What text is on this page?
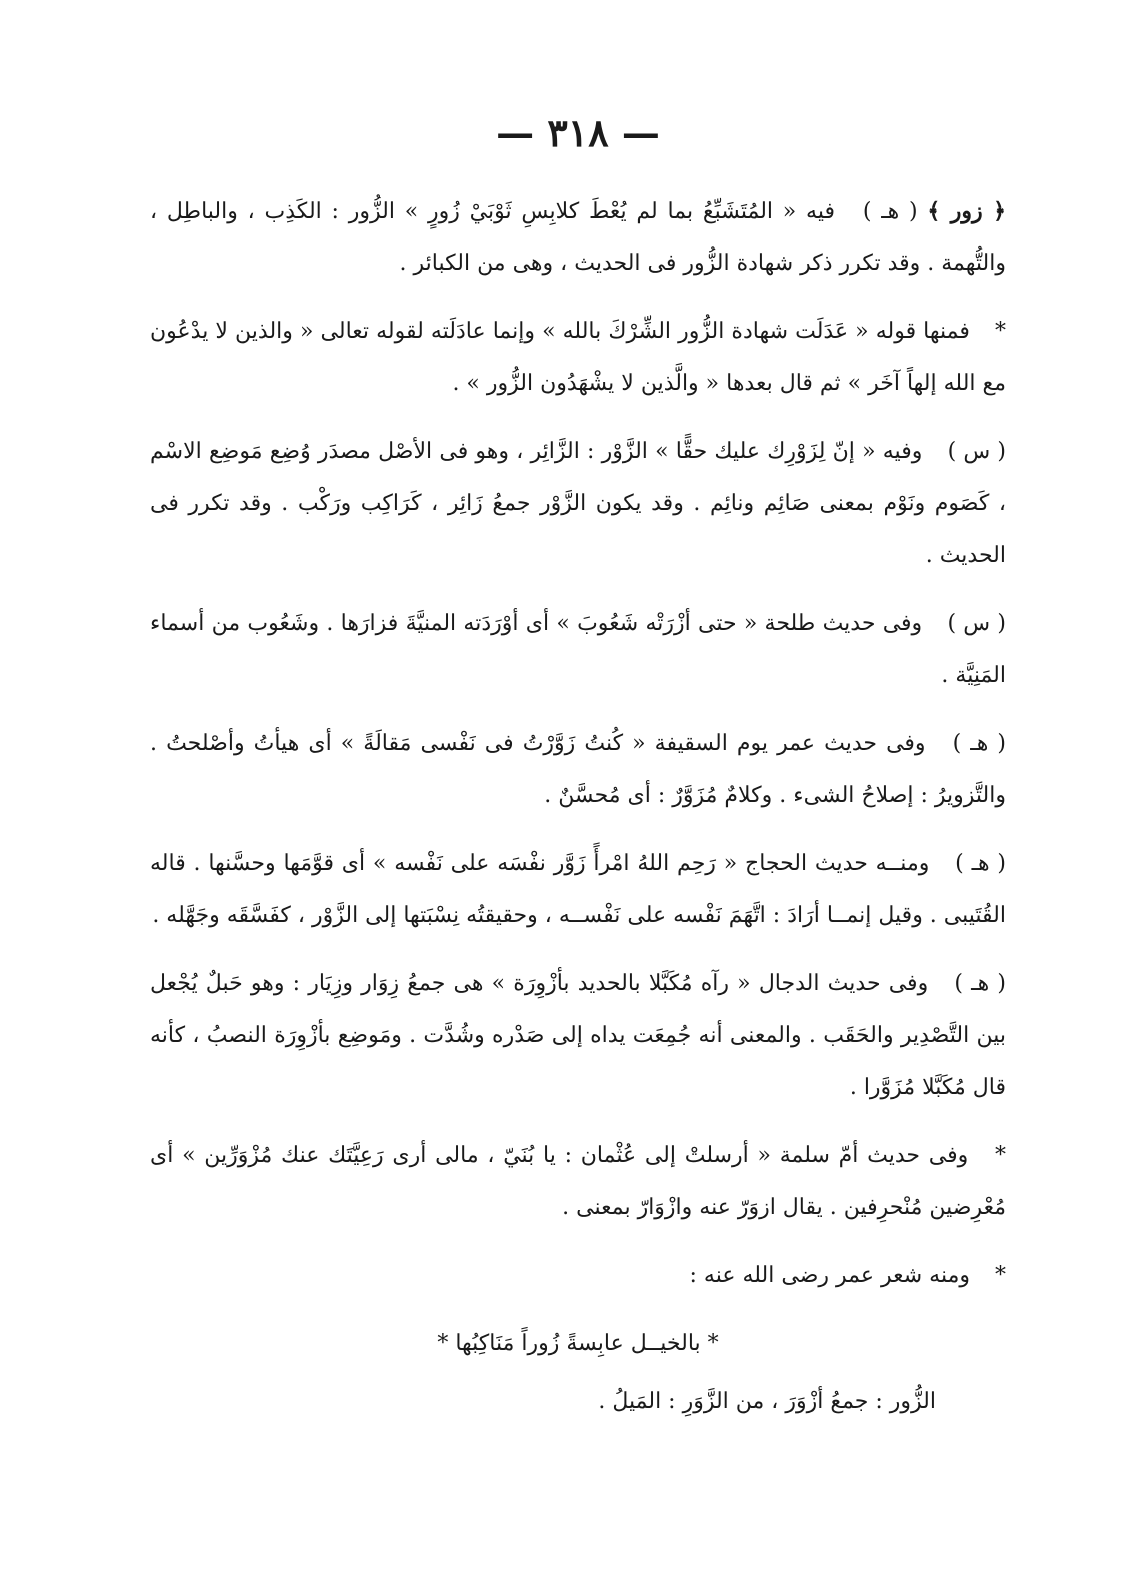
— ٣١٨ —

﴿ زور ﴾ ( هـ ) فيه « المُتَشَبِّعُ بما لم يُعْطَ كلابِسِ ثَوْبَيْ زُورٍ » الزُّور : الكَذِب ، والباطِل ، والتُّهمة . وقد تكرر ذكر شهادة الزُّور فى الحديث ، وهى من الكبائر .

* فمنها قوله « عَدَلَت شهادة الزُّور الشِّرْكَ بالله » وإنما عادَلَته لقوله تعالى « والذين لا يدْعُون مع الله إلهاً آخَر » ثم قال بعدها « والَّذين لا يشْهَدُون الزُّور » .

( س ) وفيه « إنّ لِزَوْرِك عليك حقًّا » الزَّوْر : الزَّائِر ، وهو فى الأصْل مصدَر وُضِع مَوضِع الاسْم ، كَصَوم ونَوْم بمعنى صَائِم ونائِم . وقد يكون الزَّوْر جمعُ زَائِر ، كَرَاكِب ورَكْب . وقد تكرر فى الحديث .

( س ) وفى حديث طلحة « حتى أزْرَتْه شَعُوبَ » أى أوْرَدَته المنيَّةَ فزارَها . وشَعُوب من أسماء المَنِيَّة .

( هـ ) وفى حديث عمر يوم السقيفة « كُنتُ زَوَّرْتُ فى نَفْسى مَقالَةً » أى هيأتُ وأصْلحتُ . والتَّزويرُ : إصلاحُ الشىء . وكلامٌ مُزَوَّرٌ : أى مُحسَّنٌ .

( هـ ) ومنــه حديث الحجاج « رَحِم اللهُ امْرأً زَوَّر نفْسَه على نَفْسه » أى قوَّمَها وحسَّنها . قاله القُتَيبى . وقيل إنمــا أرَادَ : اتَّهَمَ نَفْسه على نَفْســه ، وحقيقتُه نِسْبَتها إلى الزَّوْر ، كفَسَّقَه وجَهَّله .

( هـ ) وفى حديث الدجال « رآه مُكَبَّلا بالحديد بأزْوِرَة » هى جمعُ زِوَار وزِيَار : وهو حَبلٌ يُجْعل بين التَّصْدِير والحَقَب . والمعنى أنه جُمِعَت يداه إلى صَدْره وشُدَّت . ومَوضِع بأزْوِرَة النصبُ ، كأنه قال مُكَبَّلا مُزَوَّرا .

* وفى حديث أمّ سلمة « أرسلتْ إلى عُثْمان : يا بُنَيّ ، مالى أرى رَعِيَّتَك عنك مُزْوَرِّين » أى مُعْرِضين مُنْحرِفين . يقال ازوَرّ عنه وازْوَارّ بمعنى .

* ومنه شعر عمر رضى الله عنه :

* بالخيــل عابِسةً زُوراً مَنَاكِبُها *
الزُّور : جمعُ أزْوَرَ ، من الزَّوَرِ : المَيلُ .
